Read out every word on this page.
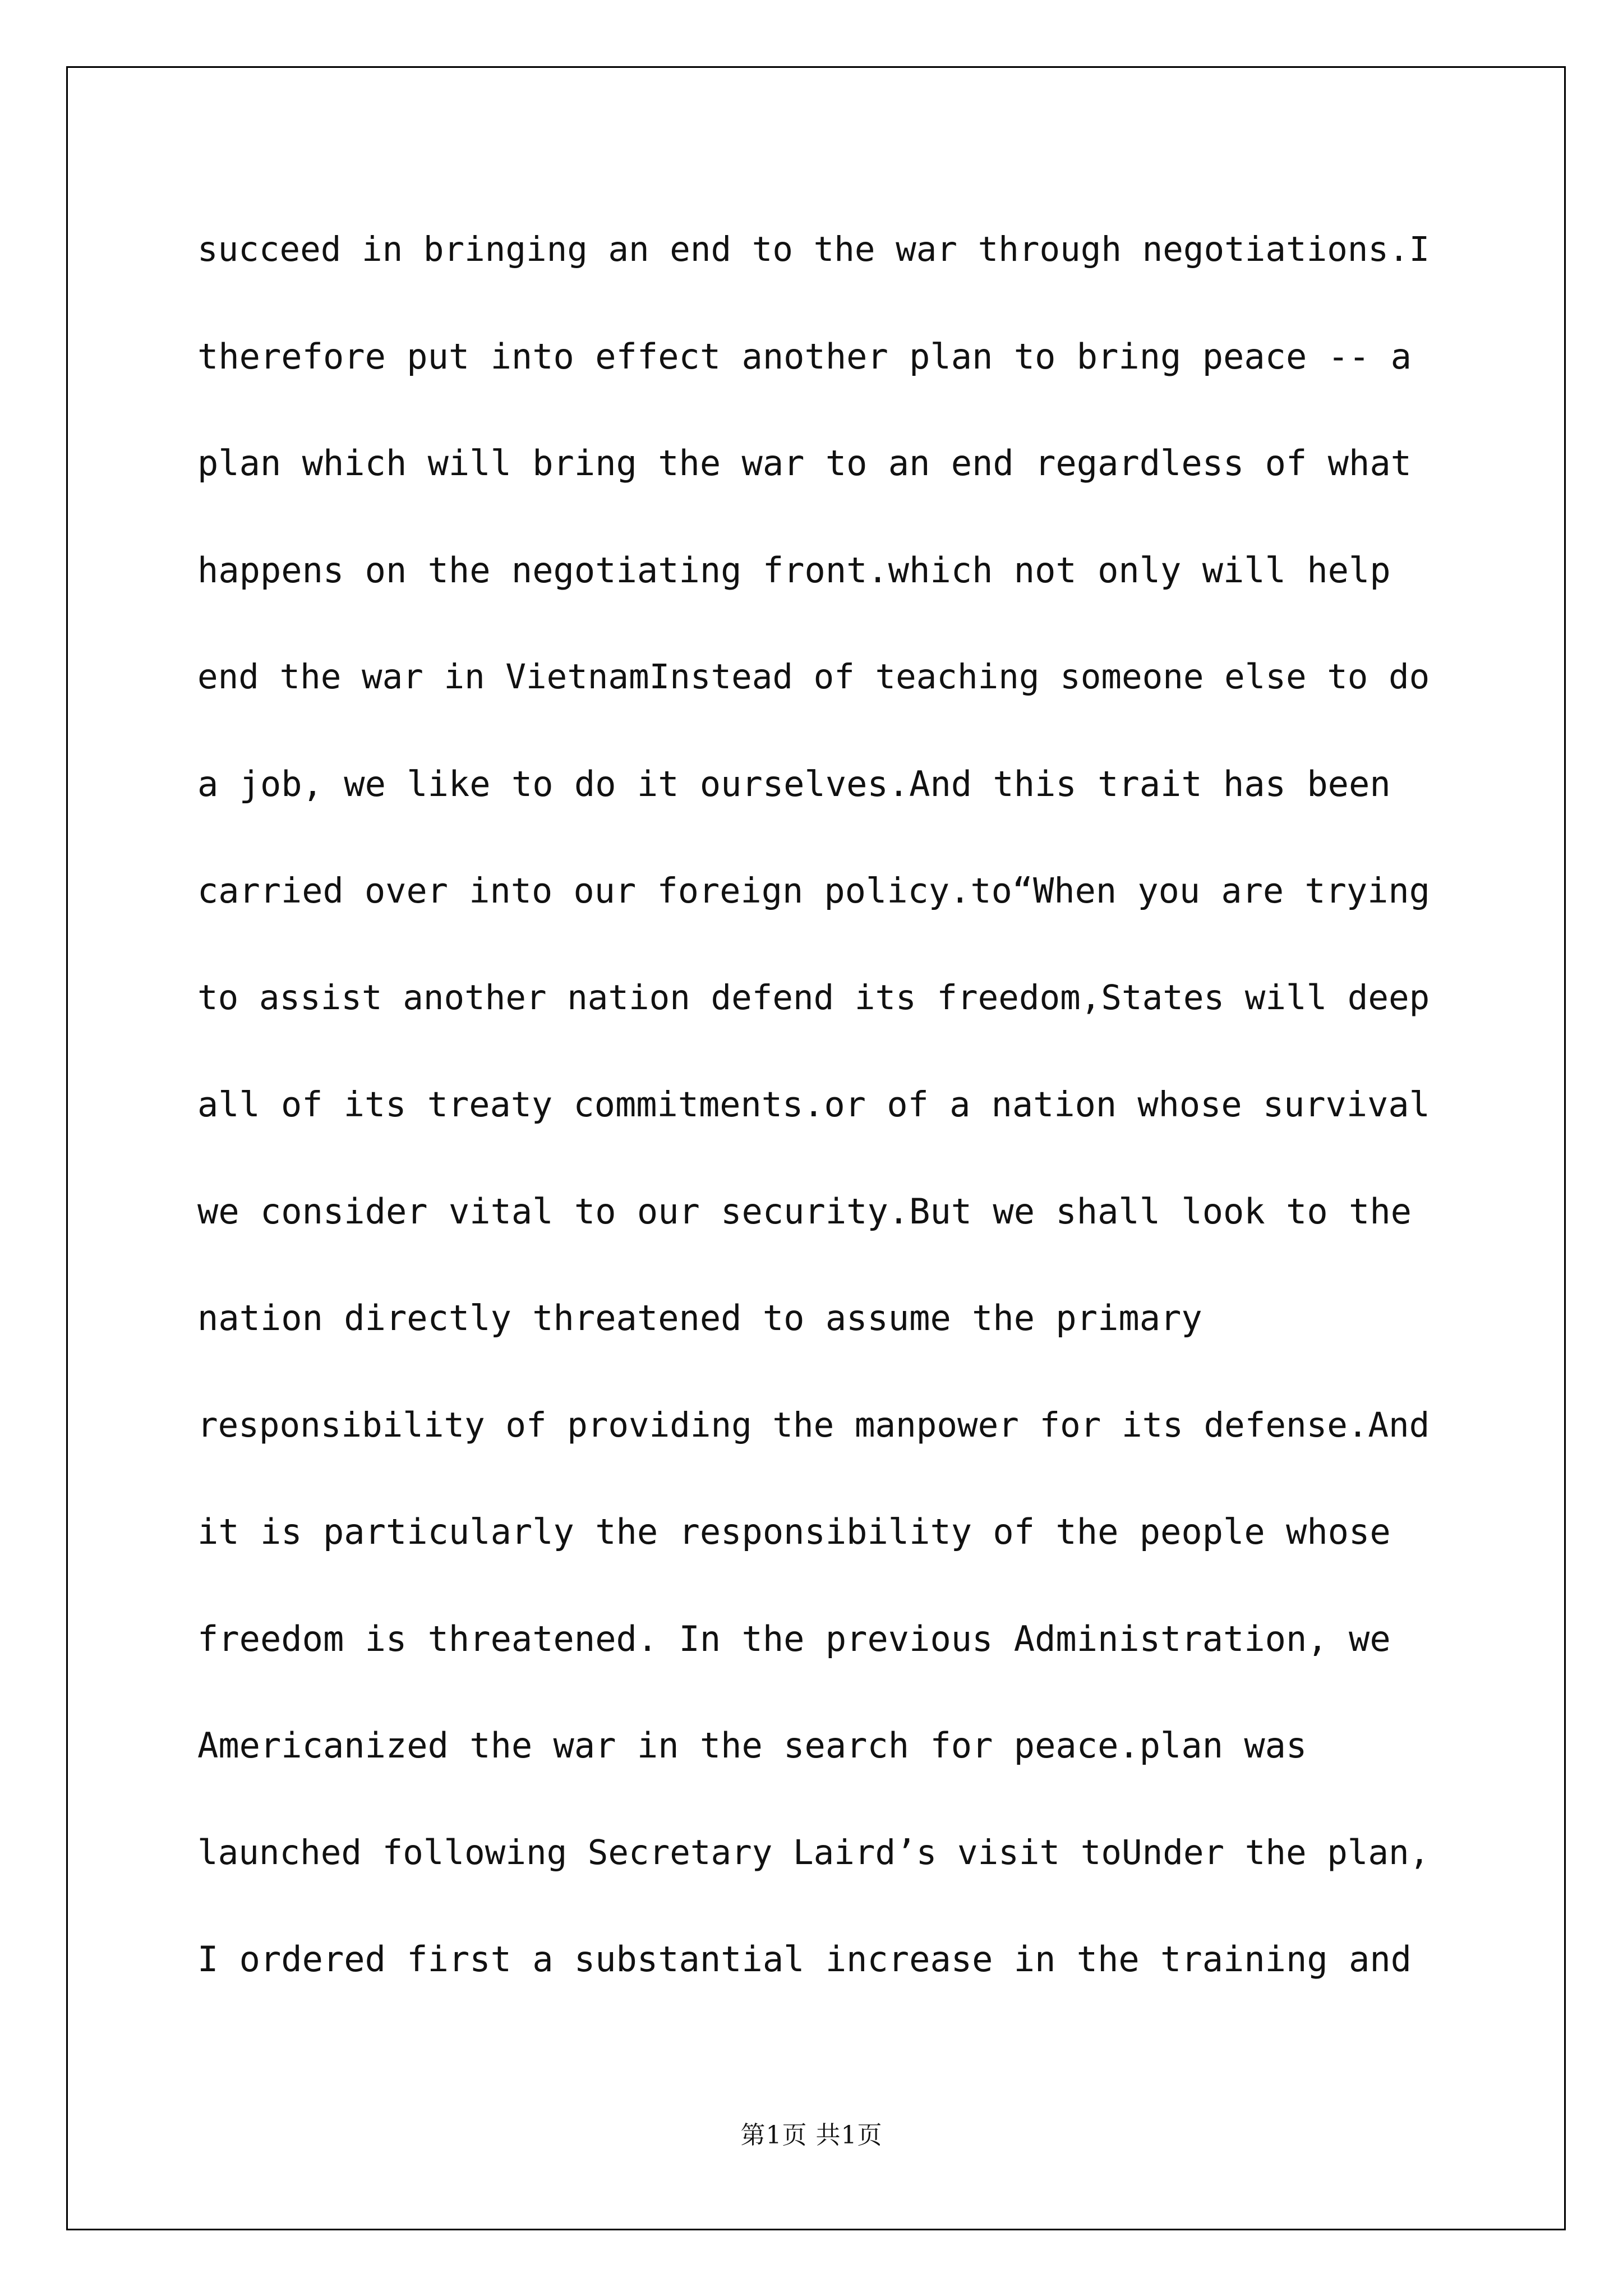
succeed in bringing an end to the war through negotiations.I
therefore put into effect another plan to bring peace -- a
plan which will bring the war to an end regardless of what
happens on the negotiating front.which not only will help
end the war in VietnamInstead of teaching someone else to do
a job, we like to do it ourselves.And this trait has been
carried over into our foreign policy.to“When you are trying
to assist another nation defend its freedom,States will deep
all of its treaty commitments.or of a nation whose survival
we consider vital to our security.But we shall look to the
nation directly threatened to assume the primary
responsibility of providing the manpower for its defense.And
it is particularly the responsibility of the people whose
freedom is threatened. In the previous Administration, we
Americanized the war in the search for peace.plan was
launched following Secretary Laird’s visit toUnder the plan,
I ordered first a substantial increase in the training and
第1页 共1页
